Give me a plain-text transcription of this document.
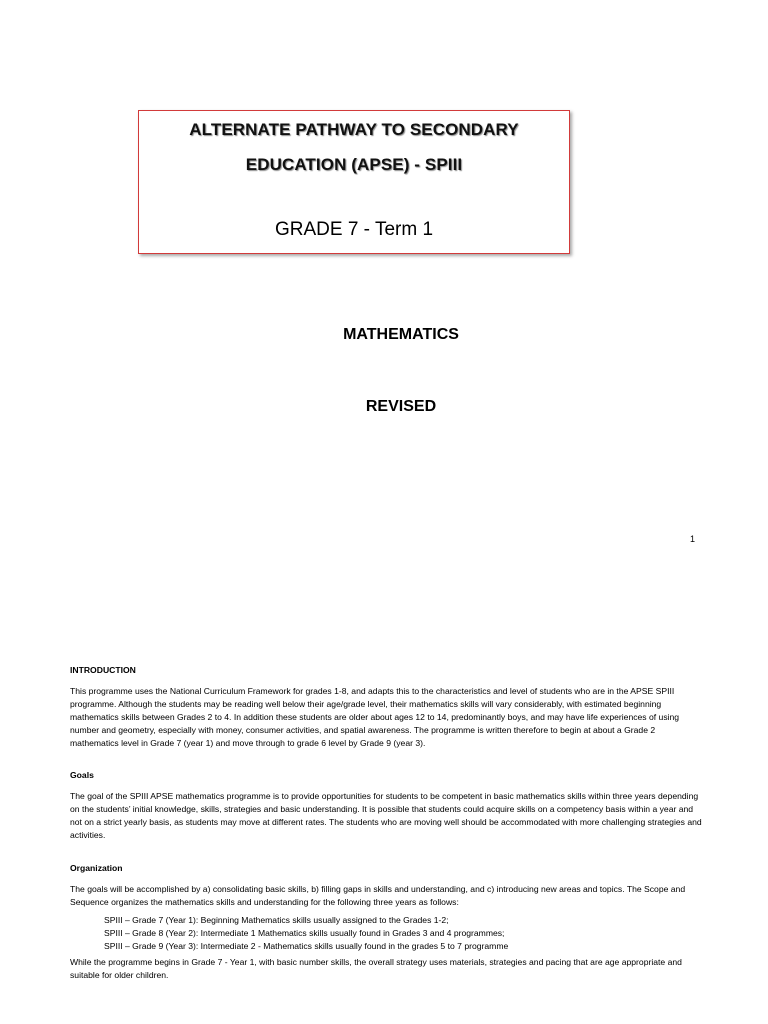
ALTERNATE PATHWAY TO SECONDARY
EDUCATION (APSE) - SPIII
GRADE 7 - Term 1
MATHEMATICS
REVISED
1
INTRODUCTION

This programme uses the National Curriculum Framework for grades 1-8, and adapts this to the characteristics and level of students who are in the APSE SPIII programme. Although the students may be reading well below their age/grade level, their mathematics skills will vary considerably, with estimated beginning mathematics skills between Grades 2 to 4. In addition these students are older about ages 12 to 14, predominantly boys, and may have life experiences of using number and geometry, especially with money, consumer activities, and spatial awareness. The programme is written therefore to begin at about a Grade 2 mathematics level in Grade 7 (year 1) and move through to grade 6 level by Grade 9 (year 3).

Goals

The goal of the SPIII APSE mathematics programme is to provide opportunities for students to be competent in basic mathematics skills within three years depending on the students’ initial knowledge, skills, strategies and basic understanding. It is possible that students could acquire skills on a competency basis within a year and not on a strict yearly basis, as students may move at different rates. The students who are moving well should be accommodated with more challenging strategies and activities.

Organization

The goals will be accomplished by a) consolidating basic skills, b) filling gaps in skills and understanding, and c) introducing new areas and topics. The Scope and Sequence organizes the mathematics skills and understanding for the following three years as follows:

SPIII – Grade 7 (Year 1): Beginning Mathematics skills usually assigned to the Grades 1-2;
SPIII – Grade 8 (Year 2): Intermediate 1 Mathematics skills usually found in Grades 3 and 4 programmes;
SPIII – Grade 9 (Year 3): Intermediate 2 - Mathematics skills usually found in the grades 5 to 7 programme

While the programme begins in Grade 7 - Year 1, with basic number skills, the overall strategy uses materials, strategies and pacing that are age appropriate and suitable for older children.
